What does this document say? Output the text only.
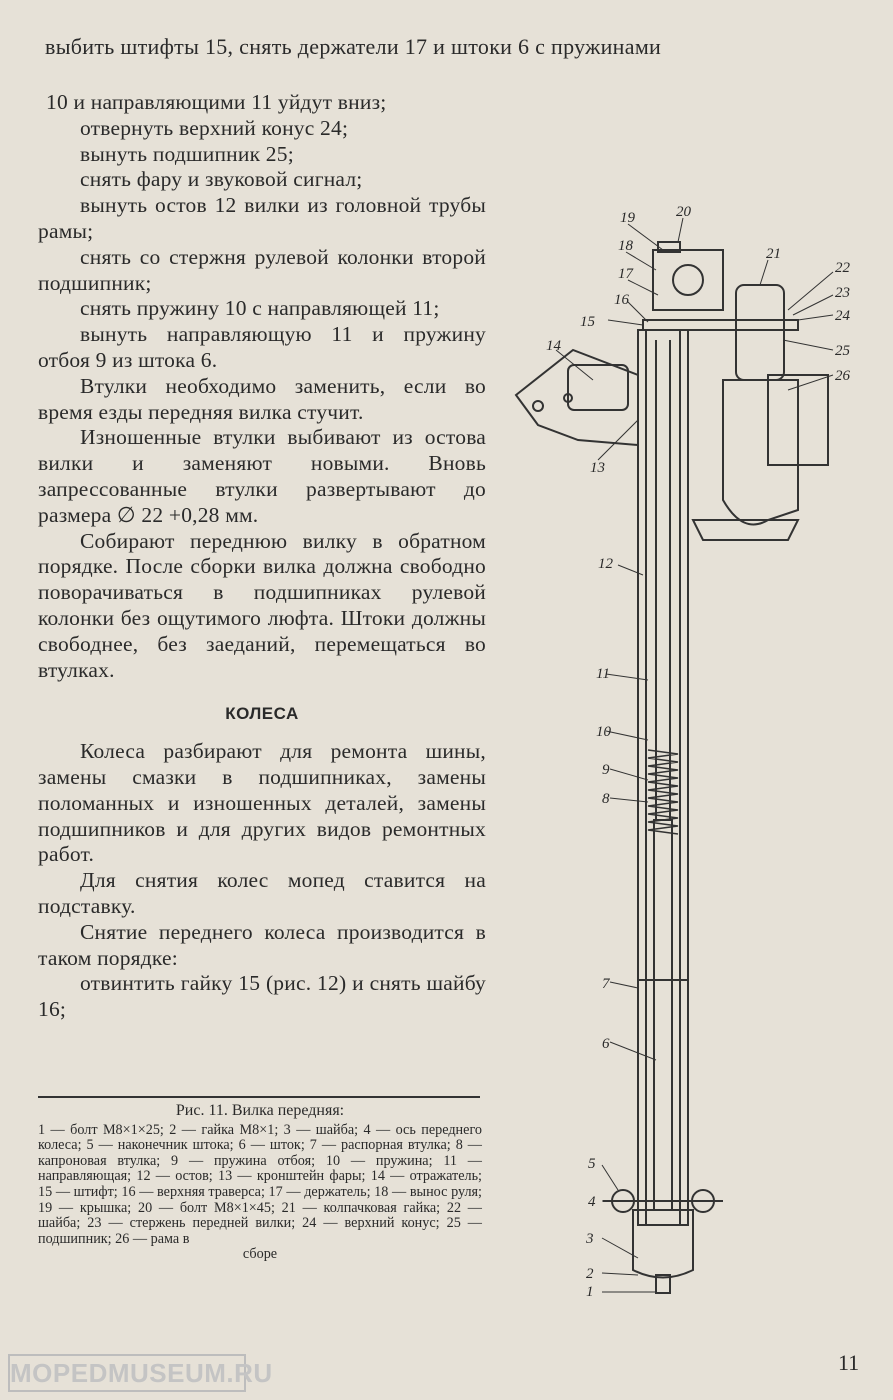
выбить штифты 15, снять держатели 17 и штоки 6 с пружинами

10 и направляющими 11 уйдут вниз;

отвернуть верхний конус 24;

вынуть подшипник 25;

снять фару и звуковой сигнал;

вынуть остов 12 вилки из головной трубы рамы;

снять со стержня рулевой колонки второй подшипник;

снять пружину 10 с направляющей 11;

вынуть направляющую 11 и пружину отбоя 9 из штока 6.

Втулки необходимо заменить, если во время езды передняя вилка стучит.

Изношенные втулки выбивают из остова вилки и заменяют новыми. Вновь запрессованные втулки развертывают до размера ∅ 22 +0,28 мм.

Собирают переднюю вилку в обратном порядке. После сборки вилка должна свободно поворачиваться в подшипниках рулевой колонки без ощутимого люфта. Штоки должны свободнее, без заеданий, перемещаться во втулках.

КОЛЕСА

Колеса разбирают для ремонта шины, замены смазки в подшипниках, замены поломанных и изношенных деталей, замены подшипников и для других видов ремонтных работ.

Для снятия колес мопед ставится на подставку.

Снятие переднего колеса производится в таком порядке:

отвинтить гайку 15 (рис. 12) и снять шайбу 16;

Рис. 11. Вилка передняя:
1 — болт М8×1×25; 2 — гайка М8×1; 3 — шайба; 4 — ось переднего колеса; 5 — наконечник штока; 6 — шток; 7 — распорная втулка; 8 — капроновая втулка; 9 — пружина отбоя; 10 — пружина; 11 — направляющая; 12 — остов; 13 — кронштейн фары; 14 — отражатель; 15 — штифт; 16 — верхняя траверса; 17 — держатель; 18 — вынос руля; 19 — крышка; 20 — болт М8×1×45; 21 — колпачковая гайка; 22 — шайба; 23 — стержень передней вилки; 24 — верхний конус; 25 — подшипник; 26 — рама в
сборе
19	20
18
17
16
15
21
22
23
24
25
26
14
13
12
11
10
9
8
7
6
5
4
3
2
1
MOPEDMUSEUM.RU	11
